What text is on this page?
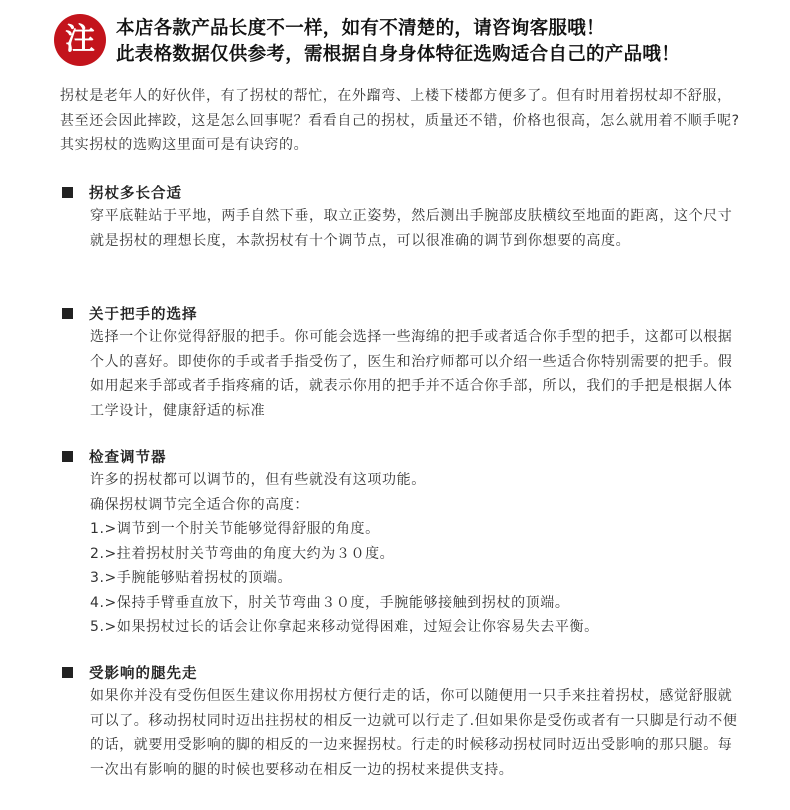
注	本店各款产品长度不一样，如有不清楚的，请咨询客服哦！
此表格数据仅供参考，需根据自身身体特征选购适合自己的产品哦！
拐杖是老年人的好伙伴，有了拐杖的帮忙，在外蹓弯、上楼下楼都方便多了。但有时用着拐杖却不舒服，甚至还会因此摔跤，这是怎么回事呢？看看自己的拐杖，质量还不错，价格也很高，怎么就用着不顺手呢?其实拐杖的选购这里面可是有诀窍的。
拐杖多长合适

穿平底鞋站于平地，两手自然下垂，取立正姿势，然后测出手腕部皮肤横纹至地面的距离，这个尺寸就是拐杖的理想长度，本款拐杖有十个调节点，可以很准确的调节到你想要的高度。

关于把手的选择

选择一个让你觉得舒服的把手。你可能会选择一些海绵的把手或者适合你手型的把手，这都可以根据个人的喜好。即使你的手或者手指受伤了，医生和治疗师都可以介绍一些适合你特别需要的把手。假如用起来手部或者手指疼痛的话，就表示你用的把手并不适合你手部，所以，我们的手把是根据人体工学设计，健康舒适的标准

检查调节器

许多的拐杖都可以调节的，但有些就没有这项功能。

确保拐杖调节完全适合你的高度：

1.>调节到一个肘关节能够觉得舒服的角度。

2.>拄着拐杖肘关节弯曲的角度大约为３０度。

3.>手腕能够贴着拐杖的顶端。

4.>保持手臂垂直放下，肘关节弯曲３０度，手腕能够接触到拐杖的顶端。

5.>如果拐杖过长的话会让你拿起来移动觉得困难，过短会让你容易失去平衡。

受影响的腿先走

如果你并没有受伤但医生建议你用拐杖方便行走的话，你可以随便用一只手来拄着拐杖，感觉舒服就可以了。移动拐杖同时迈出拄拐杖的相反一边就可以行走了.但如果你是受伤或者有一只脚是行动不便的话，就要用受影响的脚的相反的一边来握拐杖。行走的时候移动拐杖同时迈出受影响的那只腿。每一次出有影响的腿的时候也要移动在相反一边的拐杖来提供支持。
